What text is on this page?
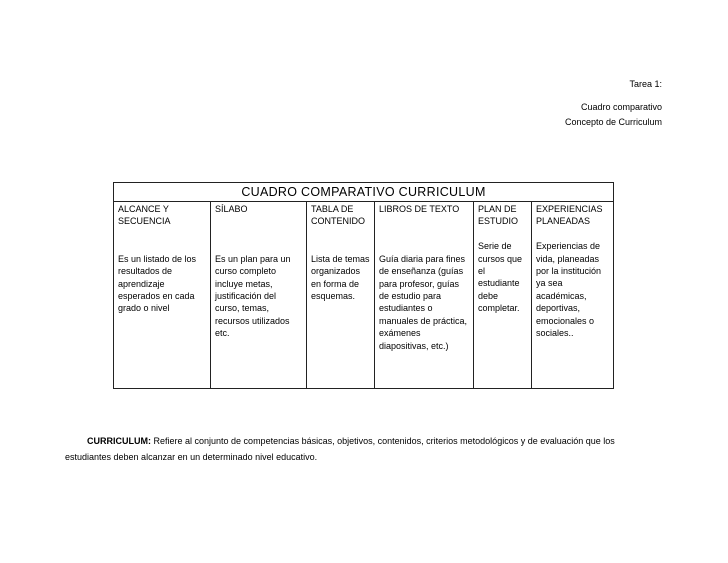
Tarea 1:
Cuadro comparativo
Concepto de Curriculum
CUADRO COMPARATIVO CURRICULUM
ALCANCE Y SECUENCIA
Es un listado de los resultados de aprendizaje esperados en cada grado o nivel
SÍLABO
Es un plan para un curso completo incluye metas, justificación del curso, temas, recursos utilizados etc.
TABLA DE CONTENIDO
Lista de temas organizados en forma de esquemas.
LIBROS DE TEXTO
Guía diaria para fines de enseñanza (guías para profesor, guías de estudio para estudiantes o manuales de práctica, exámenes diapositivas, etc.)
PLAN DE ESTUDIO
Serie de cursos que el estudiante debe completar.
EXPERIENCIAS PLANEADAS
Experiencias de vida, planeadas por la institución ya sea académicas, deportivas, emocionales o sociales..

CURRICULUM: Refiere al conjunto de competencias básicas, objetivos, contenidos, criterios metodológicos y de evaluación que los estudiantes deben alcanzar en un determinado nivel educativo.
